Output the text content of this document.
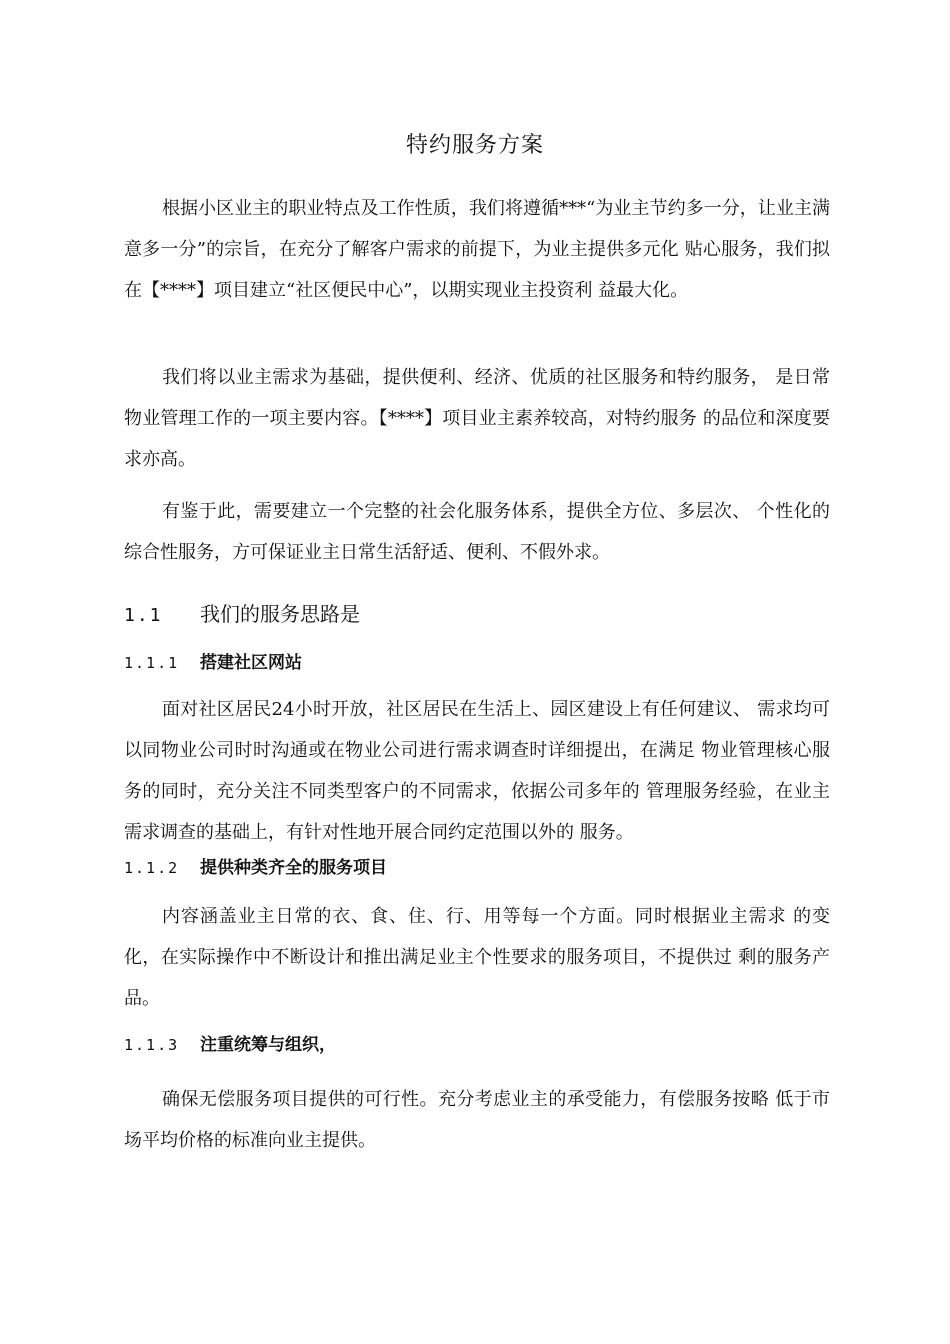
特约服务方案

根据小区业主的职业特点及工作性质，我们将遵循***“为业主节约多一分，让业主满意多一分”的宗旨，在充分了解客户需求的前提下，为业主提供多元化 贴心服务，我们拟在【****】项目建立“社区便民中心”，以期实现业主投资利 益最大化。

我们将以业主需求为基础，提供便利、经济、优质的社区服务和特约服务， 是日常物业管理工作的一项主要内容。【****】项目业主素养较高，对特约服务 的品位和深度要求亦高。

有鉴于此，需要建立一个完整的社会化服务体系，提供全方位、多层次、 个性化的综合性服务，方可保证业主日常生活舒适、便利、不假外求。

1.1 我们的服务思路是
1.1.1 搭建社区网站

面对社区居民24小时开放，社区居民在生活上、园区建设上有任何建议、 需求均可以同物业公司时时沟通或在物业公司进行需求调查时详细提出，在满足 物业管理核心服务的同时，充分关注不同类型客户的不同需求，依据公司多年的 管理服务经验，在业主需求调查的基础上，有针对性地开展合同约定范围以外的 服务。

1.1.2 提供种类齐全的服务项目

内容涵盖业主日常的衣、食、住、行、用等每一个方面。同时根据业主需求 的变化，在实际操作中不断设计和推出满足业主个性要求的服务项目，不提供过 剩的服务产品。

1.1.3 注重统筹与组织，

确保无偿服务项目提供的可行性。充分考虑业主的承受能力，有偿服务按略 低于市场平均价格的标准向业主提供。
